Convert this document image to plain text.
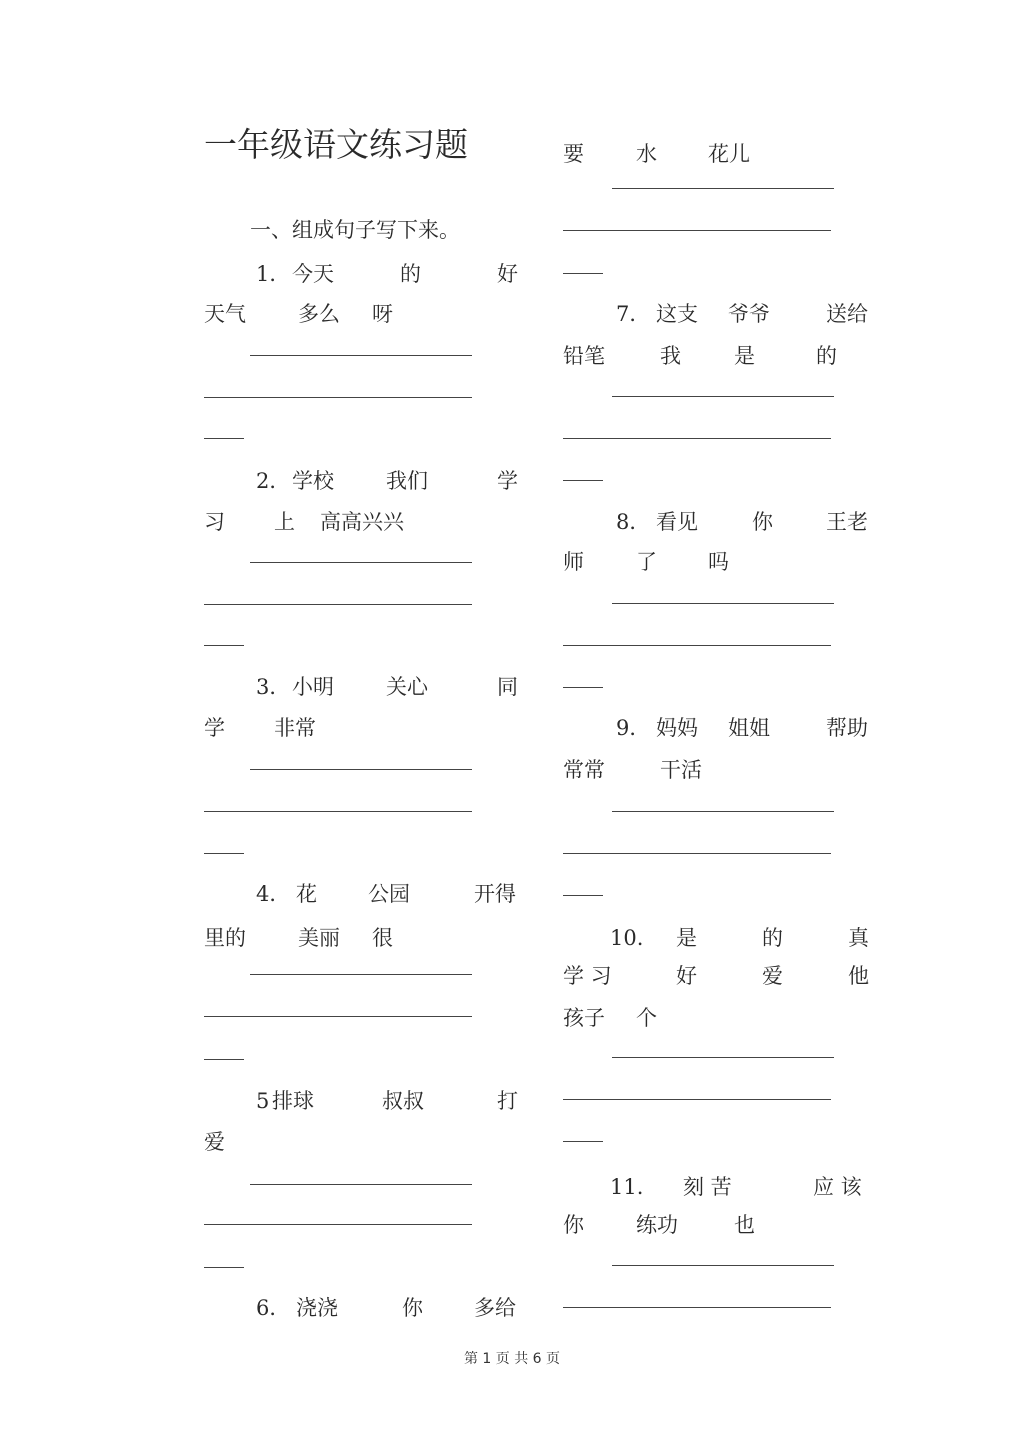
一年级语文练习题
一、组成句子写下来。
1． 今天	的	好
天气 多么 呀
2． 学校 我们	学
习 上 高高兴兴
3． 小明 关心	同
学 非常
4． 花 公园	开得
里的 美丽 很
5 排球	叔叔	打
爱
6． 浇浇	你 多给
要 水 花儿
7． 这支 爷爷	送给
铅笔	我	是	的
8． 看见	你	王老
师 了 吗
9． 妈妈 姐姐	帮助
常常	干活
10. 是	的	真
学 习	好	爱	他
孩子 个
11. 刻 苦	应 该
你 练功	也
第 1 页 共 6 页
